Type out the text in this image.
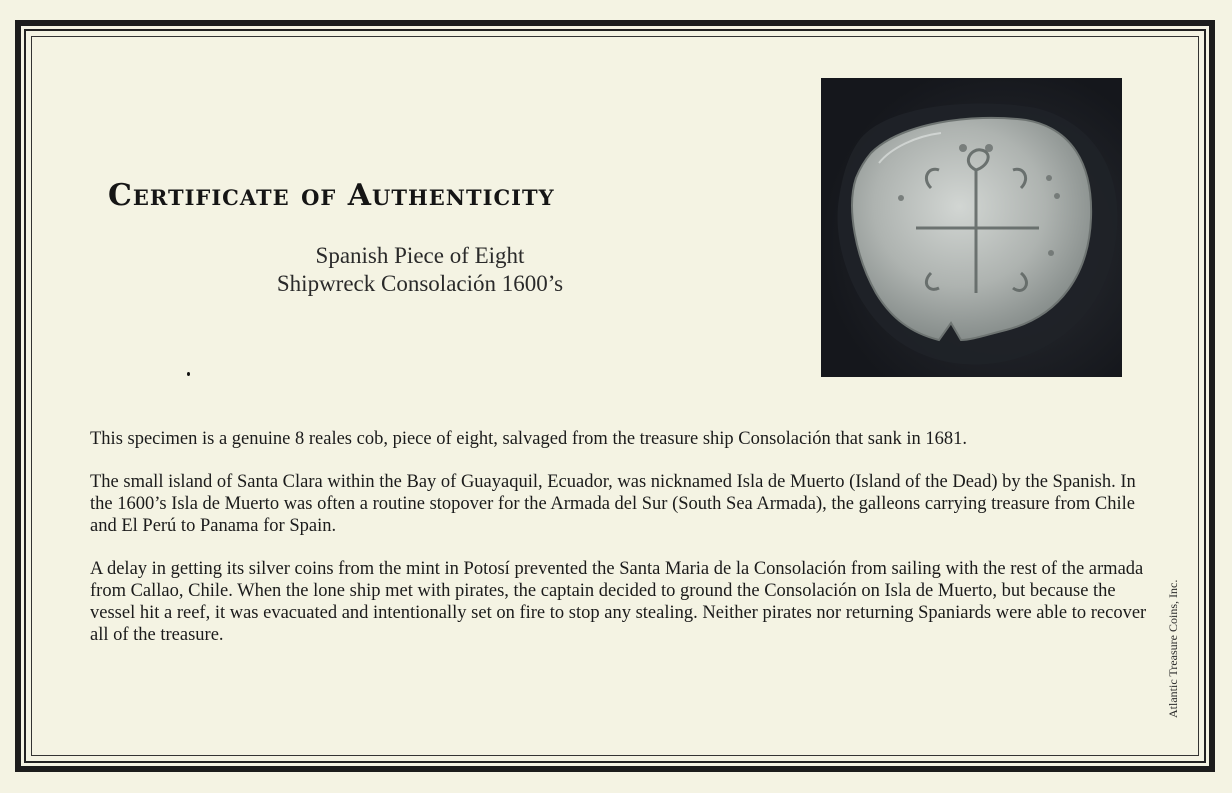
Certificate of Authenticity
Spanish Piece of Eight
Shipwreck Consolación 1600’s

This specimen is a genuine 8 reales cob, piece of eight, salvaged from the treasure ship Consolación that sank in 1681.

The small island of Santa Clara within the Bay of Guayaquil, Ecuador, was nicknamed Isla de Muerto (Island of the Dead) by the Spanish. In the 1600’s Isla de Muerto was often a routine stopover for the Armada del Sur (South Sea Armada), the galleons carrying treasure from Chile and El Perú to Panama for Spain.

A delay in getting its silver coins from the mint in Potosí prevented the Santa Maria de la Consolación from sailing with the rest of the armada from Callao, Chile. When the lone ship met with pirates, the captain decided to ground the Consolación on Isla de Muerto, but because the vessel hit a reef, it was evacuated and intentionally set on fire to stop any stealing. Neither pirates nor returning Spaniards were able to recover all of the treasure.	Atlantic Treasure Coins, Inc.
